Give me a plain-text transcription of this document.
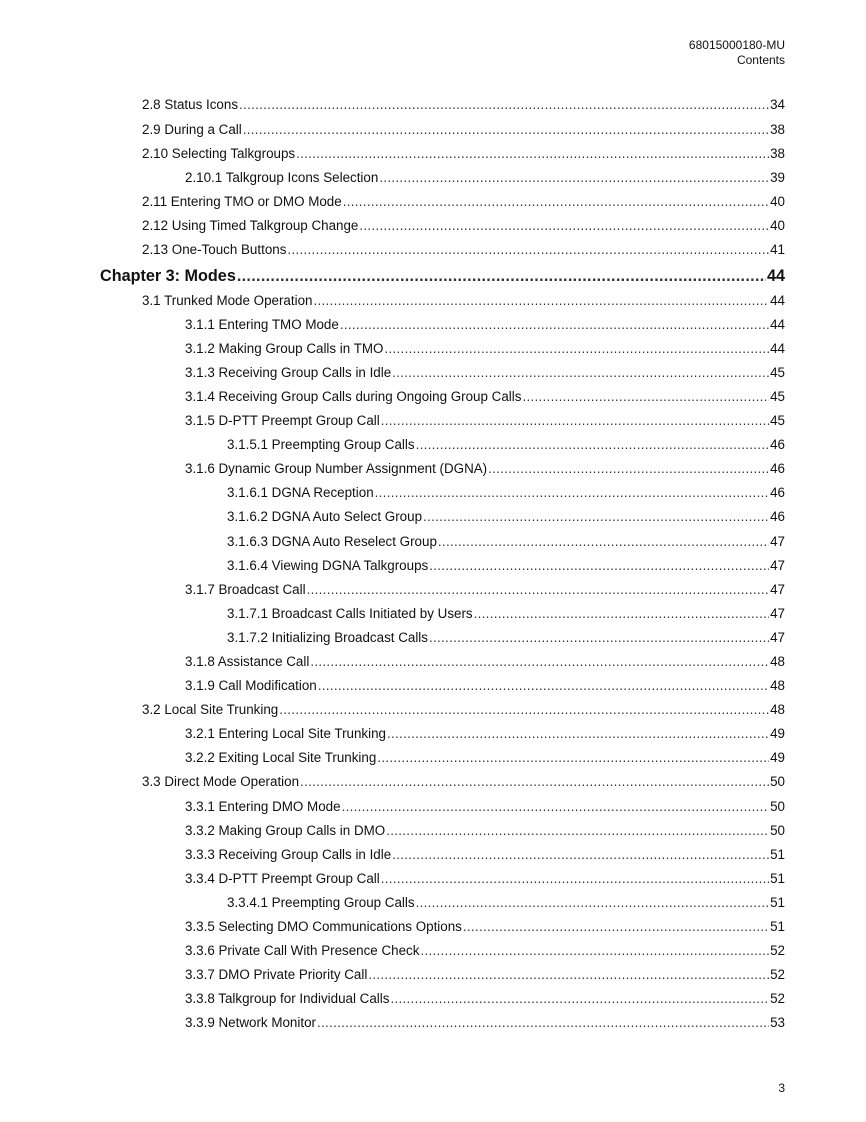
68015000180-MU
Contents
2.8 Status Icons .....	34
2.9 During a Call .....	38
2.10 Selecting Talkgroups .....	38
2.10.1 Talkgroup Icons Selection .....	39
2.11 Entering TMO or DMO Mode .....	40
2.12 Using Timed Talkgroup Change .....	40
2.13 One-Touch Buttons .....	41
Chapter 3: Modes .....	44
3.1 Trunked Mode Operation .....	44
3.1.1 Entering TMO Mode .....	44
3.1.2 Making Group Calls in TMO .....	44
3.1.3 Receiving Group Calls in Idle .....	45
3.1.4 Receiving Group Calls during Ongoing Group Calls .....	45
3.1.5 D-PTT Preempt Group Call .....	45
3.1.5.1 Preempting Group Calls .....	46
3.1.6 Dynamic Group Number Assignment (DGNA) .....	46
3.1.6.1 DGNA Reception .....	46
3.1.6.2 DGNA Auto Select Group .....	46
3.1.6.3 DGNA Auto Reselect Group .....	47
3.1.6.4 Viewing DGNA Talkgroups .....	47
3.1.7 Broadcast Call .....	47
3.1.7.1 Broadcast Calls Initiated by Users .....	47
3.1.7.2 Initializing Broadcast Calls .....	47
3.1.8 Assistance Call .....	48
3.1.9 Call Modification .....	48
3.2 Local Site Trunking .....	48
3.2.1 Entering Local Site Trunking .....	49
3.2.2 Exiting Local Site Trunking .....	49
3.3 Direct Mode Operation .....	50
3.3.1 Entering DMO Mode .....	50
3.3.2 Making Group Calls in DMO .....	50
3.3.3 Receiving Group Calls in Idle .....	51
3.3.4 D-PTT Preempt Group Call .....	51
3.3.4.1 Preempting Group Calls .....	51
3.3.5 Selecting DMO Communications Options .....	51
3.3.6 Private Call With Presence Check .....	52
3.3.7 DMO Private Priority Call .....	52
3.3.8 Talkgroup for Individual Calls .....	52
3.3.9 Network Monitor .....	53
3
